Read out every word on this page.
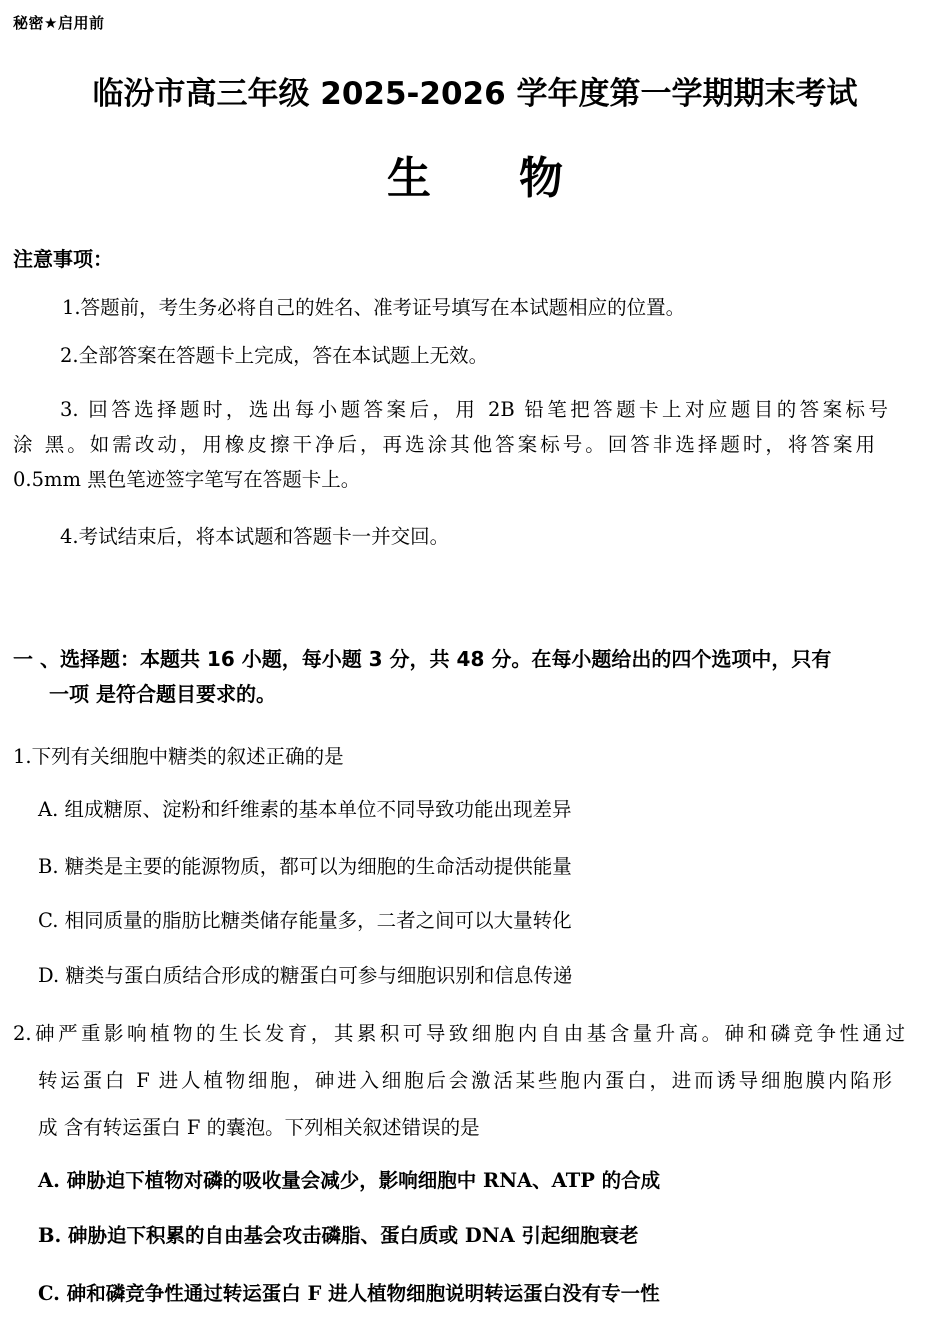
秘密★启用前
临汾市高三年级 2025-2026 学年度第一学期期末考试
生物
注意事项：
1.答题前，考生务必将自己的姓名、准考证号填写在本试题相应的位置。
2.全部答案在答题卡上完成，答在本试题上无效。
3. 回答选择题时，选出每小题答案后，用 2B 铅笔把答题卡上对应题目的答案标号
涂 黑。如需改动，用橡皮擦干净后，再选涂其他答案标号。回答非选择题时，将答案用
0.5mm 黑色笔迹签字笔写在答题卡上。
4.考试结束后，将本试题和答题卡一并交回。
一 、选择题：本题共 16 小题，每小题 3 分，共 48 分。在每小题给出的四个选项中，只有
一项 是符合题目要求的。
1.下列有关细胞中糖类的叙述正确的是
A. 组成糖原、淀粉和纤维素的基本单位不同导致功能出现差异
B. 糖类是主要的能源物质，都可以为细胞的生命活动提供能量
C. 相同质量的脂肪比糖类储存能量多，二者之间可以大量转化
D. 糖类与蛋白质结合形成的糖蛋白可参与细胞识别和信息传递
2.砷严重影响植物的生长发育，其累积可导致细胞内自由基含量升高。砷和磷竞争性通过
转运蛋白 F 进人植物细胞，砷进入细胞后会激活某些胞内蛋白，进而诱导细胞膜内陷形
成 含有转运蛋白 F 的囊泡。下列相关叙述错误的是
A. 砷胁迫下植物对磷的吸收量会减少，影响细胞中 RNA、ATP 的合成
B. 砷胁迫下积累的自由基会攻击磷脂、蛋白质或 DNA 引起细胞衰老
C. 砷和磷竞争性通过转运蛋白 F 进人植物细胞说明转运蛋白没有专一性
